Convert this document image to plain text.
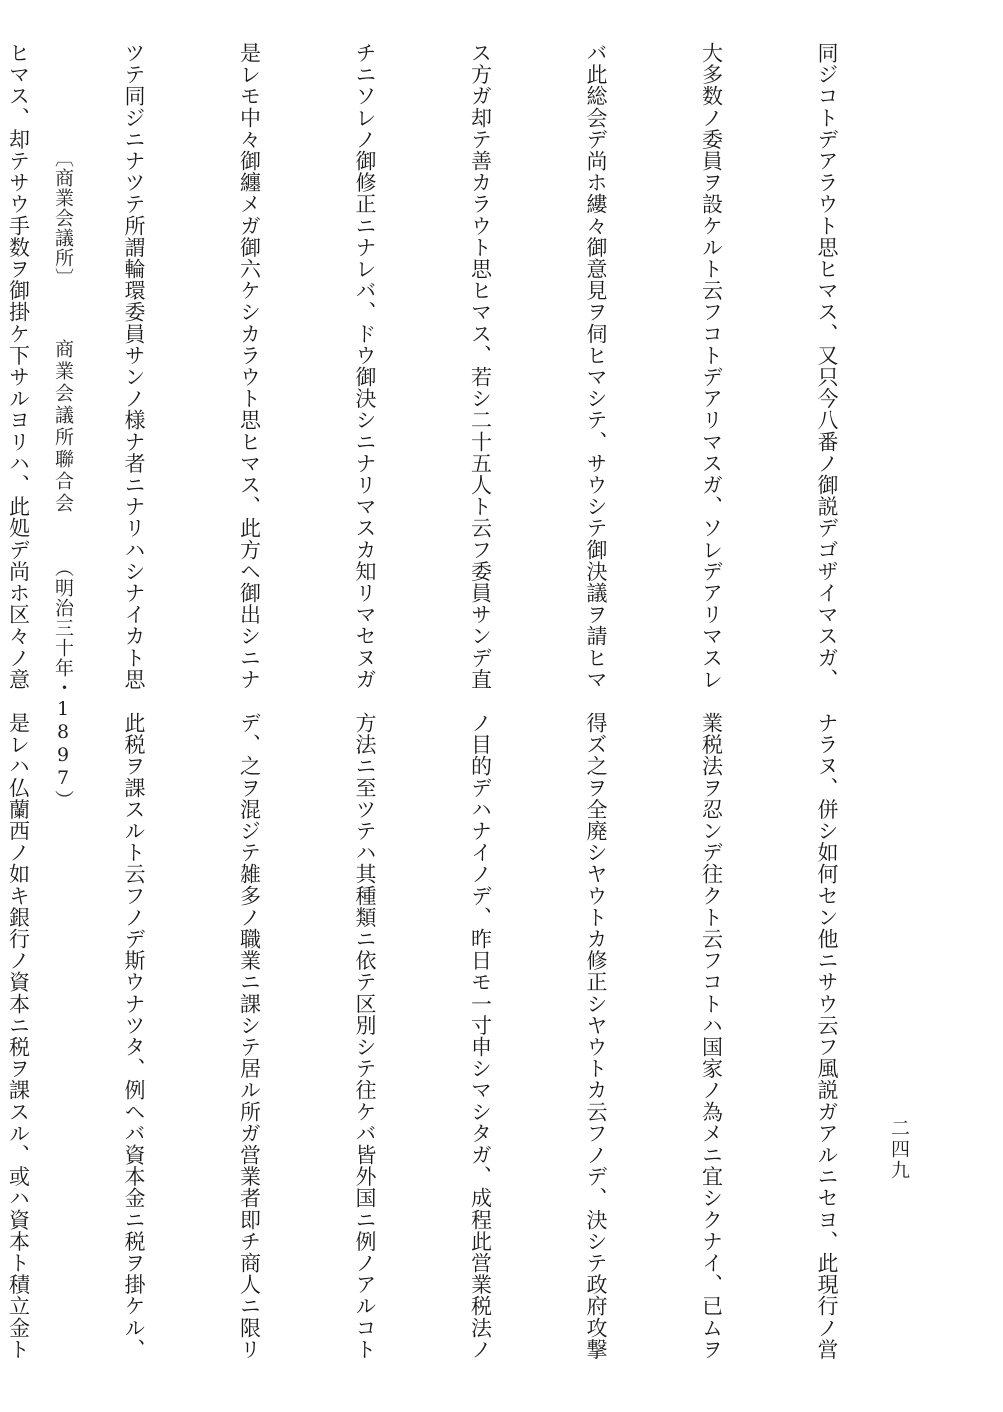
同ジコトデアラウト思ヒマス、又只今八番ノ御説デゴザイマスガ、

大多数ノ委員ヲ設ケルト云フコトデアリマスガ、ソレデアリマスレ

バ此総会デ尚ホ縷々御意見ヲ伺ヒマシテ、サウシテ御決議ヲ請ヒマ

ス方ガ却テ善カラウト思ヒマス、若シ二十五人ト云フ委員サンデ直

チニソレノ御修正ニナレバ、ドウ御決シニナリマスカ知リマセヌガ

是レモ中々御纏メガ御六ケシカラウト思ヒマス、此方ヘ御出シニナ

ツテ同ジニナツテ所謂輪環委員サンノ様ナ者ニナリハシナイカト思

ヒマス、却テサウ手数ヲ御掛ケ下サルヨリハ、此処デ尚ホ区々ノ意

ナラヌ、併シ如何セン他ニサウ云フ風説ガアルニセヨ、此現行ノ営

業税法ヲ忍ンデ往クト云フコトハ国家ノ為メニ宜シクナイ、已ムヲ

得ズ之ヲ全廃シヤウトカ修正シヤウトカ云フノデ、決シテ政府攻撃

ノ目的デハナイノデ、昨日モ一寸申シマシタガ、成程此営業税法ノ

方法ニ至ツテハ其種類ニ依テ区別シテ往ケバ皆外国ニ例ノアルコト

デ、之ヲ混ジテ雑多ノ職業ニ課シテ居ル所ガ営業者即チ商人ニ限リ

此税ヲ課スルト云フノデ斯ウナツタ、例ヘバ資本金ニ税ヲ掛ケル、

是レハ仏蘭西ノ如キ銀行ノ資本ニ税ヲ課スル、或ハ資本ト積立金ト

〔商業会議所〕 商業会議所聯合会 （明治三十年・1897）
二四九
